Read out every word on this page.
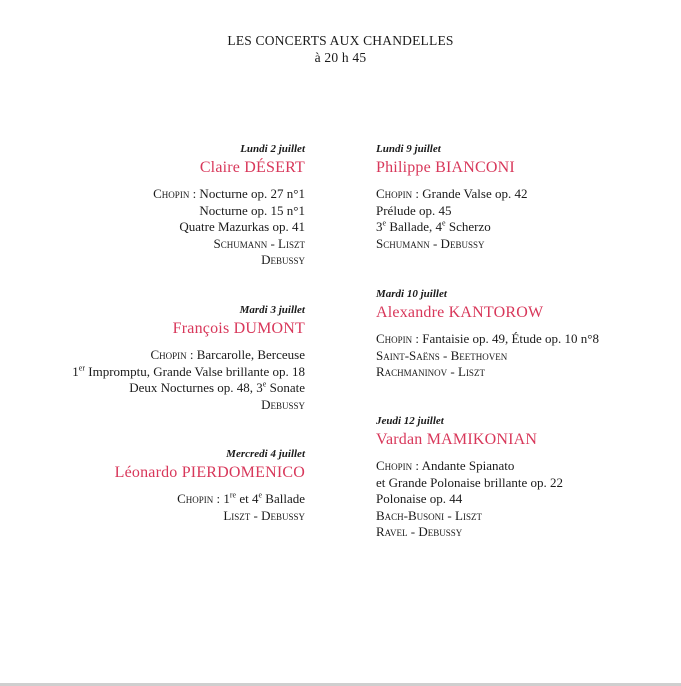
LES CONCERTS AUX CHANDELLES
à 20 h 45
Lundi 2 juillet
Claire DÉSERT
Chopin : Nocturne op. 27 n°1
Nocturne op. 15 n°1
Quatre Mazurkas op. 41
Schumann - Liszt
Debussy
Mardi 3 juillet
François DUMONT
Chopin : Barcarolle, Berceuse
1er Impromptu, Grande Valse brillante op. 18
Deux Nocturnes op. 48, 3e Sonate
Debussy
Mercredi 4 juillet
Léonardo PIERDOMENICO
Chopin : 1re et 4e Ballade
Liszt - Debussy
Lundi 9 juillet
Philippe BIANCONI
Chopin : Grande Valse op. 42
Prélude op. 45
3e Ballade, 4e Scherzo
Schumann - Debussy
Mardi 10 juillet
Alexandre KANTOROW
Chopin : Fantaisie op. 49, Étude op. 10 n°8
Saint-Saëns - Beethoven
Rachmaninov - Liszt
Jeudi 12 juillet
Vardan MAMIKONIAN
Chopin : Andante Spianato
et Grande Polonaise brillante op. 22
Polonaise op. 44
Bach-Busoni - Liszt
Ravel - Debussy
